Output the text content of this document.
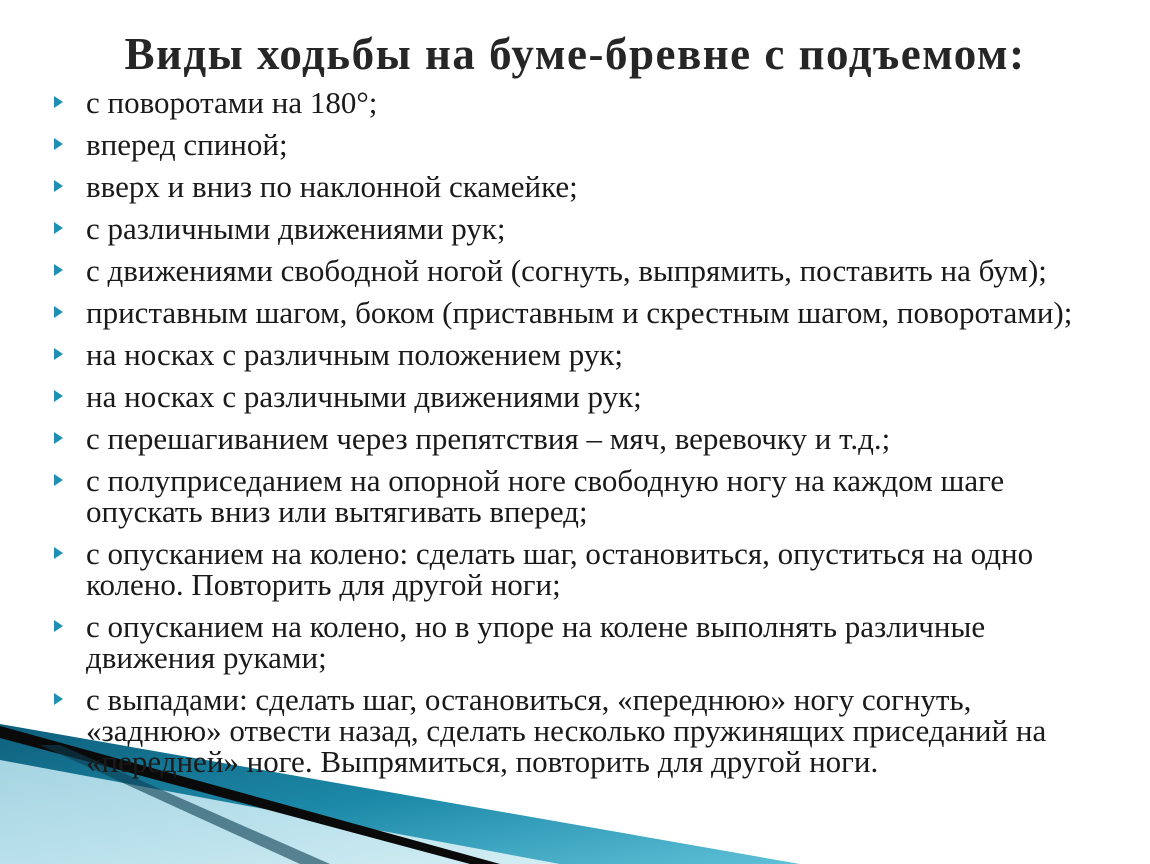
Виды ходьбы на буме-бревне с подъемом:
с поворотами на 180°;
вперед спиной;
вверх и вниз по наклонной скамейке;
с различными движениями рук;
с движениями свободной ногой (согнуть, выпрямить, поставить на бум);
приставным шагом, боком (приставным и скрестным шагом, поворотами);
на носках с различным положением рук;
на носках с различными движениями рук;
с перешагиванием через препятствия – мяч, веревочку и т.д.;
с полуприседанием на опорной ноге свободную ногу на каждом шаге опускать вниз или вытягивать вперед;
с опусканием на колено: сделать шаг, остановиться, опуститься на одно колено. Повторить для другой ноги;
с опусканием на колено, но в упоре на колене выполнять различные движения руками;
с выпадами: сделать шаг, остановиться, «переднюю» ногу согнуть, «заднюю» отвести назад, сделать несколько пружинящих приседаний на «передней» ноге. Выпрямиться, повторить для другой ноги.
